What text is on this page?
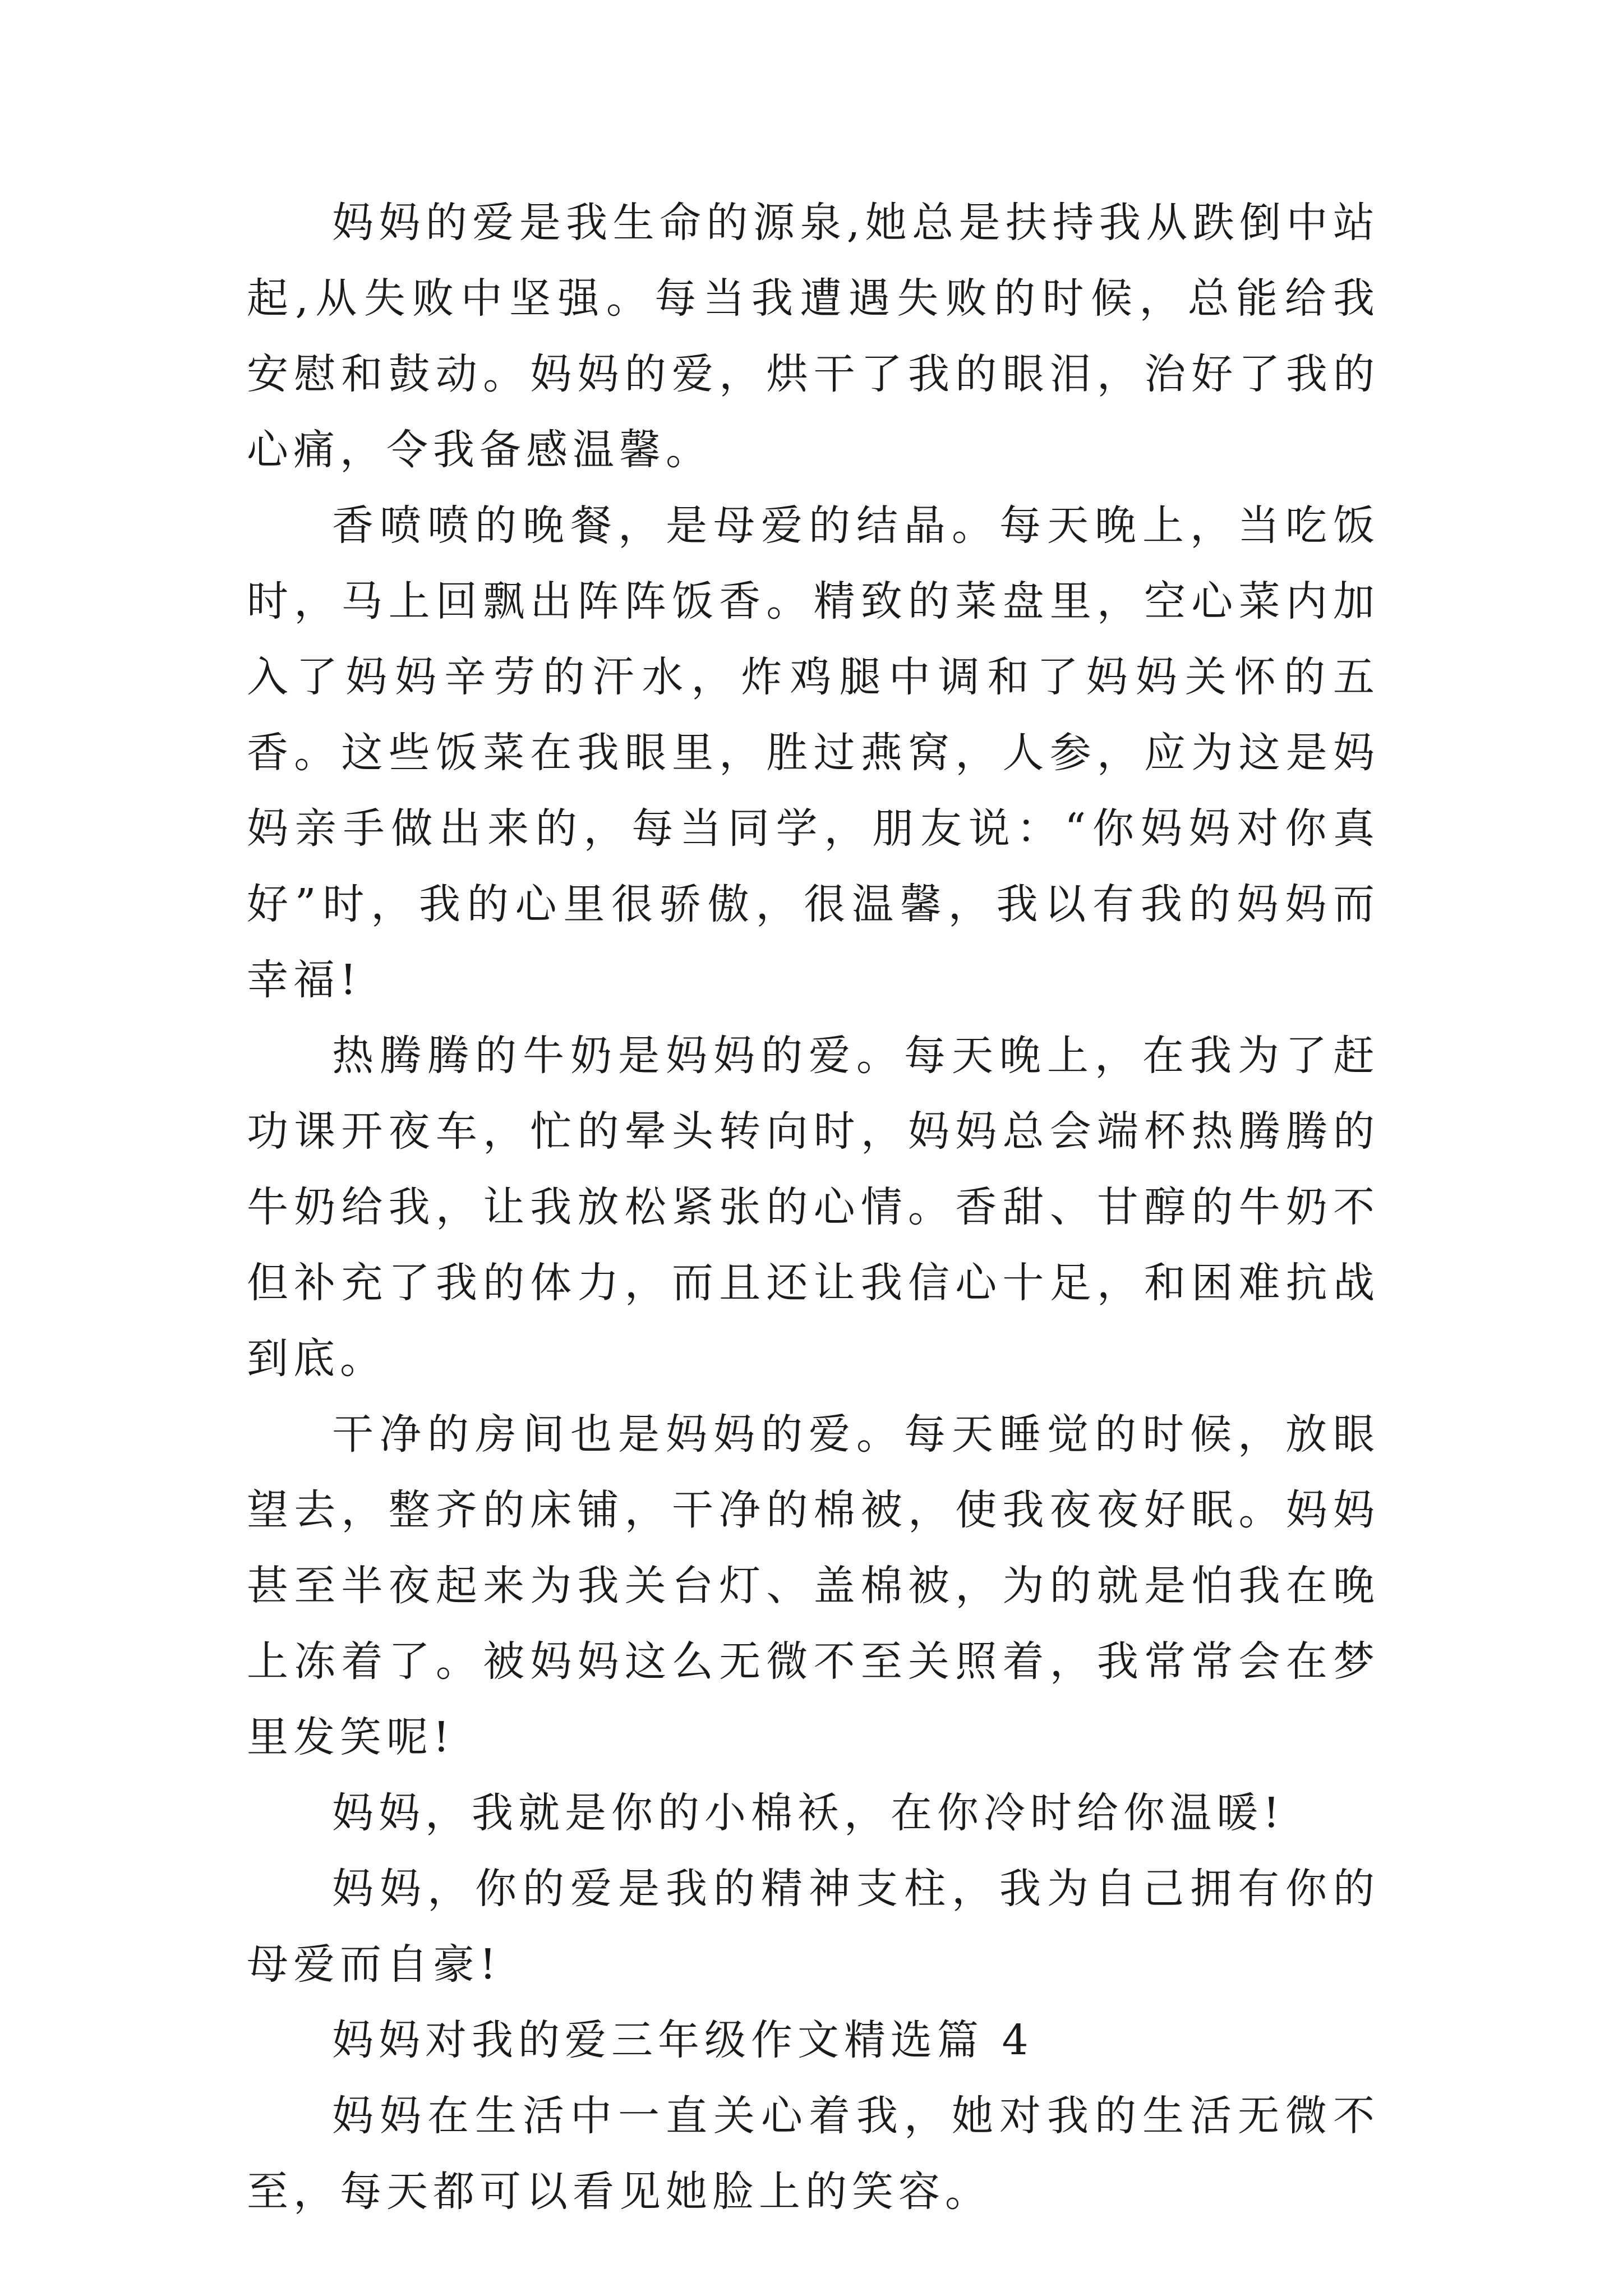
妈妈的爱是我生命的源泉,她总是扶持我从跌倒中站起,从失败中坚强。每当我遭遇失败的时候，总能给我安慰和鼓动。妈妈的爱，烘干了我的眼泪，治好了我的心痛，令我备感温馨。

香喷喷的晚餐，是母爱的结晶。每天晚上，当吃饭时，马上回飘出阵阵饭香。精致的菜盘里，空心菜内加入了妈妈辛劳的汗水，炸鸡腿中调和了妈妈关怀的五香。这些饭菜在我眼里，胜过燕窝，人参，应为这是妈妈亲手做出来的，每当同学，朋友说：“你妈妈对你真好”时，我的心里很骄傲，很温馨，我以有我的妈妈而幸福!

热腾腾的牛奶是妈妈的爱。每天晚上，在我为了赶功课开夜车，忙的晕头转向时，妈妈总会端杯热腾腾的牛奶给我，让我放松紧张的心情。香甜、甘醇的牛奶不但补充了我的体力，而且还让我信心十足，和困难抗战到底。

干净的房间也是妈妈的爱。每天睡觉的时候，放眼望去，整齐的床铺，干净的棉被，使我夜夜好眠。妈妈甚至半夜起来为我关台灯、盖棉被，为的就是怕我在晚上冻着了。被妈妈这么无微不至关照着，我常常会在梦里发笑呢!

妈妈，我就是你的小棉袄，在你冷时给你温暖!

妈妈，你的爱是我的精神支柱，我为自己拥有你的母爱而自豪!

妈妈对我的爱三年级作文精选篇 4

妈妈在生活中一直关心着我，她对我的生活无微不至，每天都可以看见她脸上的笑容。
